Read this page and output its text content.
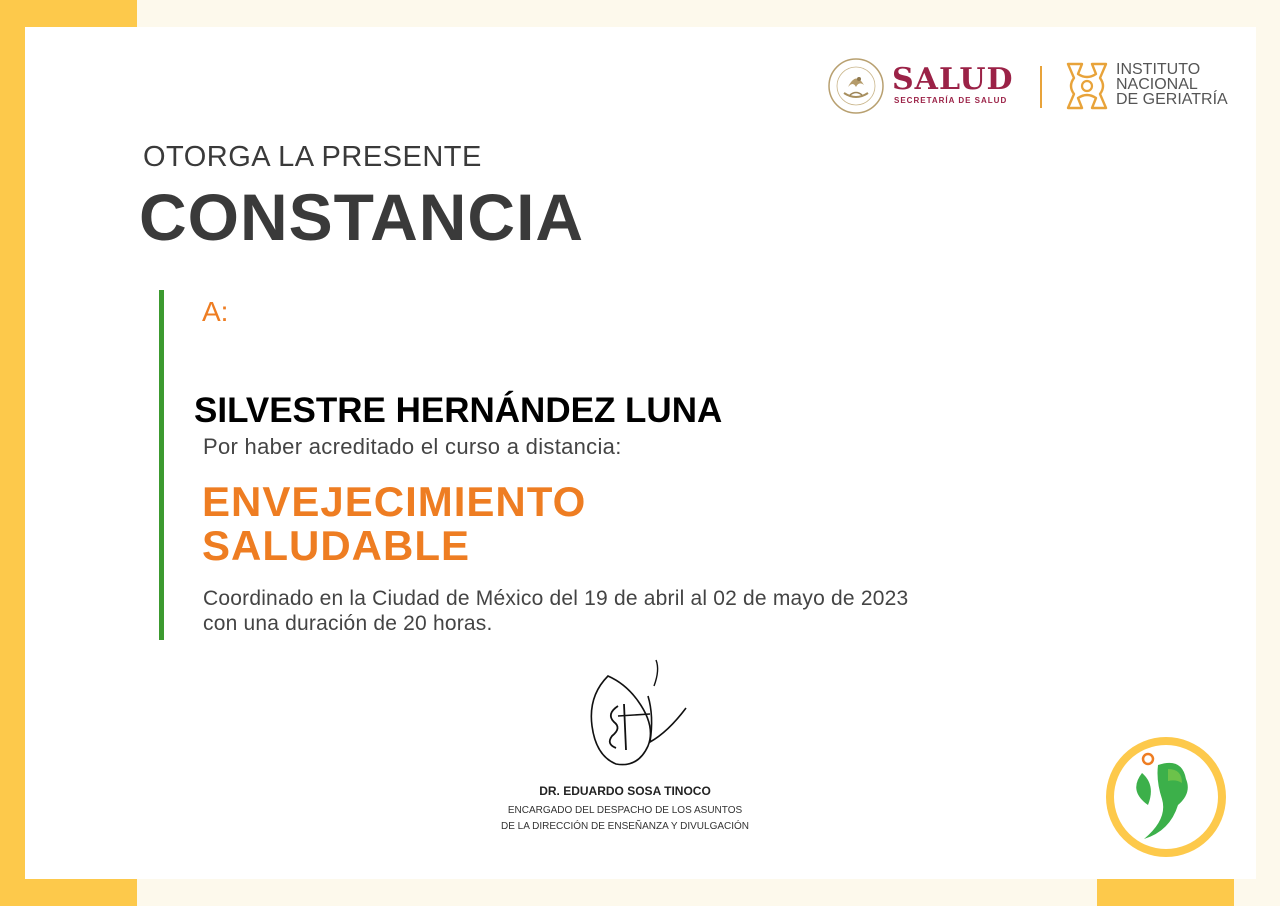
SALUD
SECRETARÍA DE SALUD
INSTITUTO
NACIONAL
DE GERIATRÍA
OTORGA LA PRESENTE
CONSTANCIA
A:
SILVESTRE HERNÁNDEZ LUNA
Por haber acreditado el curso a distancia:
ENVEJECIMIENTO
SALUDABLE
Coordinado en la Ciudad de México del 19 de abril al 02 de mayo de 2023
con una duración de 20 horas.
DR. EDUARDO SOSA TINOCO
ENCARGADO DEL DESPACHO DE LOS ASUNTOS
DE LA DIRECCIÓN DE ENSEÑANZA Y DIVULGACIÓN
